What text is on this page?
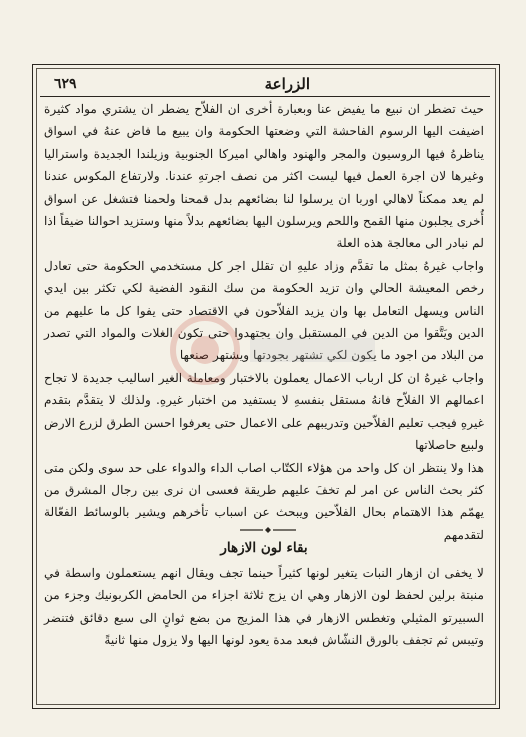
الزراعة
٦٢٩

حيث تضطر ان نبيع ما يفيض عنا وبعبارة أخرى ان الفلاّح يضطر ان يشتري مواد كثيرة اضيفت اليها الرسوم الفاحشة التي وضعتها الحكومة وان يبيع ما فاض عنهُ في اسواق يناظرهُ فيها الروسيون والمجر والهنود واهالي اميركا الجنوبية وزيلندا الجديدة واستراليا وغيرها لان اجرة العمل فيها ليست اكثر من نصف اجرتهِ عندنا. ولارتفاع المكوس عندنا لم يعد ممكناً لاهالي اوربا ان يرسلوا لنا بضائعهم بدل قمحنا ولحمنا فتشغل عن اسواق أُخرى يجلبون منها القمح واللحم ويرسلون اليها بضائعهم بدلاً منها وستزيد احوالنا ضيقاً اذا لم نبادر الى معالجة هذه العلة

واجاب غيرهُ بمثل ما تقدَّم وزاد عليهِ ان تقلل اجر كل مستخدمي الحكومة حتى تعادل رخص المعيشة الحالي وان تزيد الحكومة من سك النقود الفضية لكي تكثر بين ايدي الناس ويسهل التعامل بها وان يزيد الفلاّحون في الاقتصاد حتى يفوا كل ما عليهم من الدين ويَتَّقوا من الدين في المستقبل وان يجتهدوا حتى تكون الغلات والمواد التي تصدر من البلاد من اجود ما يكون لكي تشتهر بجودتها ويشتهر صنعها

واجاب غيرهُ ان كل ارباب الاعمال يعملون بالاختبار ومعاملة الغير اساليب جديدة لا تجاح اعمالهم الا الفلاّح فانهُ مستقل بنفسهِ لا يستفيد من اختبار غيرهِ. ولذلك لا يتقدَّم بتقدم غيرهِ فيجب تعليم الفلاّحين وتدريبهم على الاعمال حتى يعرفوا احسن الطرق لزرع الارض ولبيع حاصلاتها

هذا ولا ينتظر ان كل واحد من هؤلاء الكتّاب اصاب الداء والدواء على حد سوى ولكن متى كثر بحث الناس عن امر لم تخفَ عليهم طريقة فعسى ان نرى بين رجال المشرق من يهمّم هذا الاهتمام بحال الفلاّحين ويبحث عن اسباب تأخرهم ويشير بالوسائط الفعّالة لتقدمهم

بقاء لون الازهار

لا يخفى ان ازهار النبات يتغير لونها كثيراً حينما تجف ويقال انهم يستعملون واسطة في منبتة برلين لحفظ لون الازهار وهي ان يزج ثلاثة اجزاء من الحامض الكربونيك وجزء من السبيرتو المثيلي وتغطس الازهار في هذا المزيج من بضع ثوانٍ الى سبع دقائق فتنضر وتيبس ثم تجفف بالورق النشّاش فبعد مدة يعود لونها اليها ولا يزول منها ثانيةً
